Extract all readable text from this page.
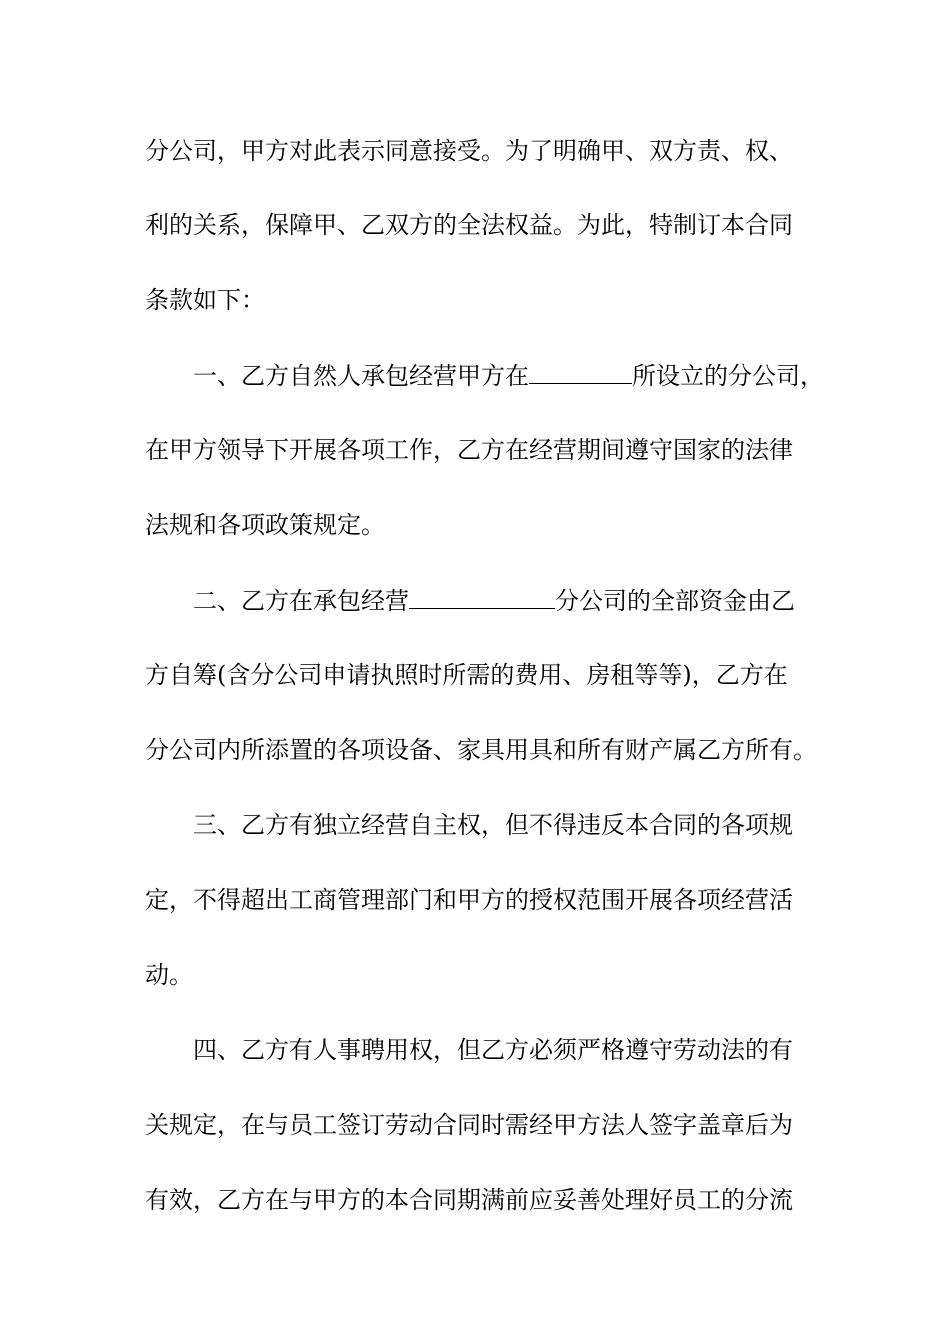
分公司，甲方对此表示同意接受。为了明确甲、双方责、权、
利的关系，保障甲、乙双方的全法权益。为此，特制订本合同
条款如下：
一、乙方自然人承包经营甲方在	所设立的分公司，
在甲方领导下开展各项工作，乙方在经营期间遵守国家的法律
法规和各项政策规定。
二、乙方在承包经营	分公司的全部资金由乙
方自筹(含分公司申请执照时所需的费用、房租等等)，乙方在
分公司内所添置的各项设备、家具用具和所有财产属乙方所有。
三、乙方有独立经营自主权，但不得违反本合同的各项规
定，不得超出工商管理部门和甲方的授权范围开展各项经营活
动。
四、乙方有人事聘用权，但乙方必须严格遵守劳动法的有
关规定，在与员工签订劳动合同时需经甲方法人签字盖章后为
有效，乙方在与甲方的本合同期满前应妥善处理好员工的分流
